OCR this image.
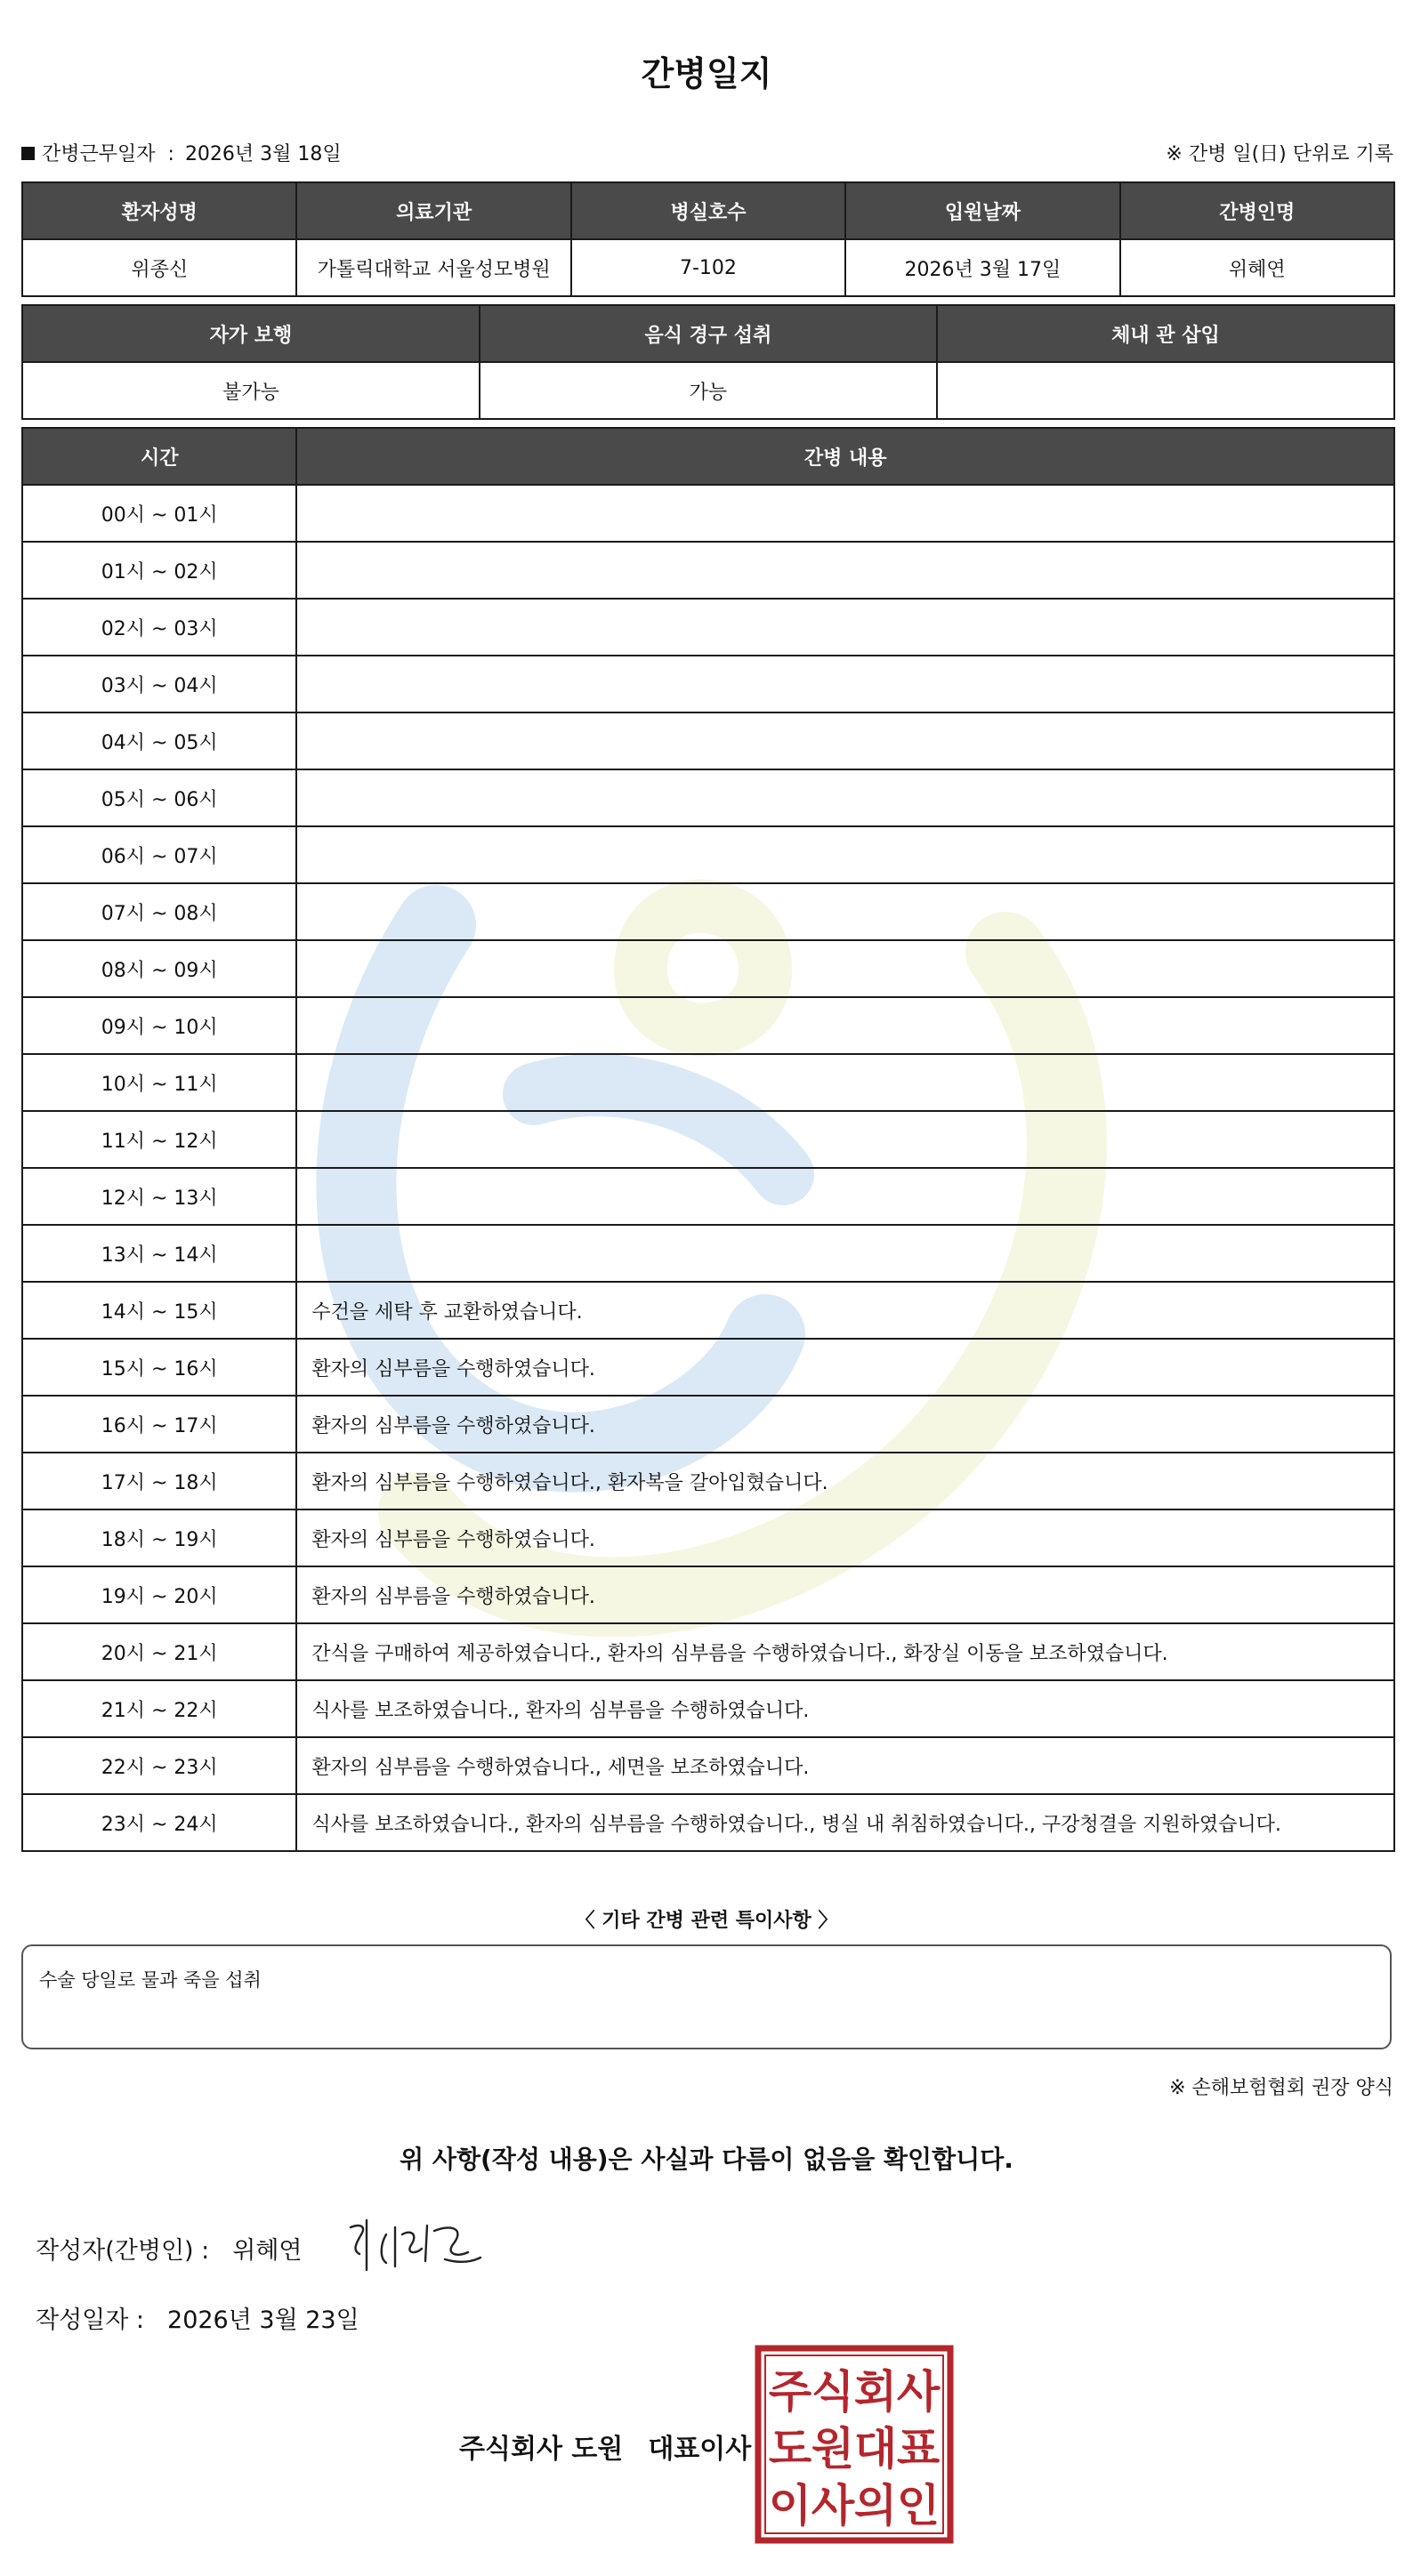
간병일지
간병근무일자 : 2026년 3월 18일	※ 간병 일(日) 단위로 기록
환자성명	의료기관	병실호수	입원날짜	간병인명
위종신	가톨릭대학교 서울성모병원	7-102	2026년 3월 17일	위혜연
자가 보행	음식 경구 섭취	체내 관 삽입
불가능	가능	
시간	간병 내용
00시 ~ 01시	
01시 ~ 02시	
02시 ~ 03시	
03시 ~ 04시	
04시 ~ 05시	
05시 ~ 06시	
06시 ~ 07시	
07시 ~ 08시	
08시 ~ 09시	
09시 ~ 10시	
10시 ~ 11시	
11시 ~ 12시	
12시 ~ 13시	
13시 ~ 14시	
14시 ~ 15시	수건을 세탁 후 교환하였습니다.
15시 ~ 16시	환자의 심부름을 수행하였습니다.
16시 ~ 17시	환자의 심부름을 수행하였습니다.
17시 ~ 18시	환자의 심부름을 수행하였습니다., 환자복을 갈아입혔습니다.
18시 ~ 19시	환자의 심부름을 수행하였습니다.
19시 ~ 20시	환자의 심부름을 수행하였습니다.
20시 ~ 21시	간식을 구매하여 제공하였습니다., 환자의 심부름을 수행하였습니다., 화장실 이동을 보조하였습니다.
21시 ~ 22시	식사를 보조하였습니다., 환자의 심부름을 수행하였습니다.
22시 ~ 23시	환자의 심부름을 수행하였습니다., 세면을 보조하였습니다.
23시 ~ 24시	식사를 보조하였습니다., 환자의 심부름을 수행하였습니다., 병실 내 취침하였습니다., 구강청결을 지원하였습니다.
〈 기타 간병 관련 특이사항 〉
수술 당일로 물과 죽을 섭취
※ 손해보험협회 권장 양식
위 사항(작성 내용)은 사실과 다름이 없음을 확인합니다.
작성자(간병인) : 위혜연
작성일자 : 2026년 3월 23일
주식회사 도원 대표이사
주 식 회 사
도 원 대 표
이 사 의 인
